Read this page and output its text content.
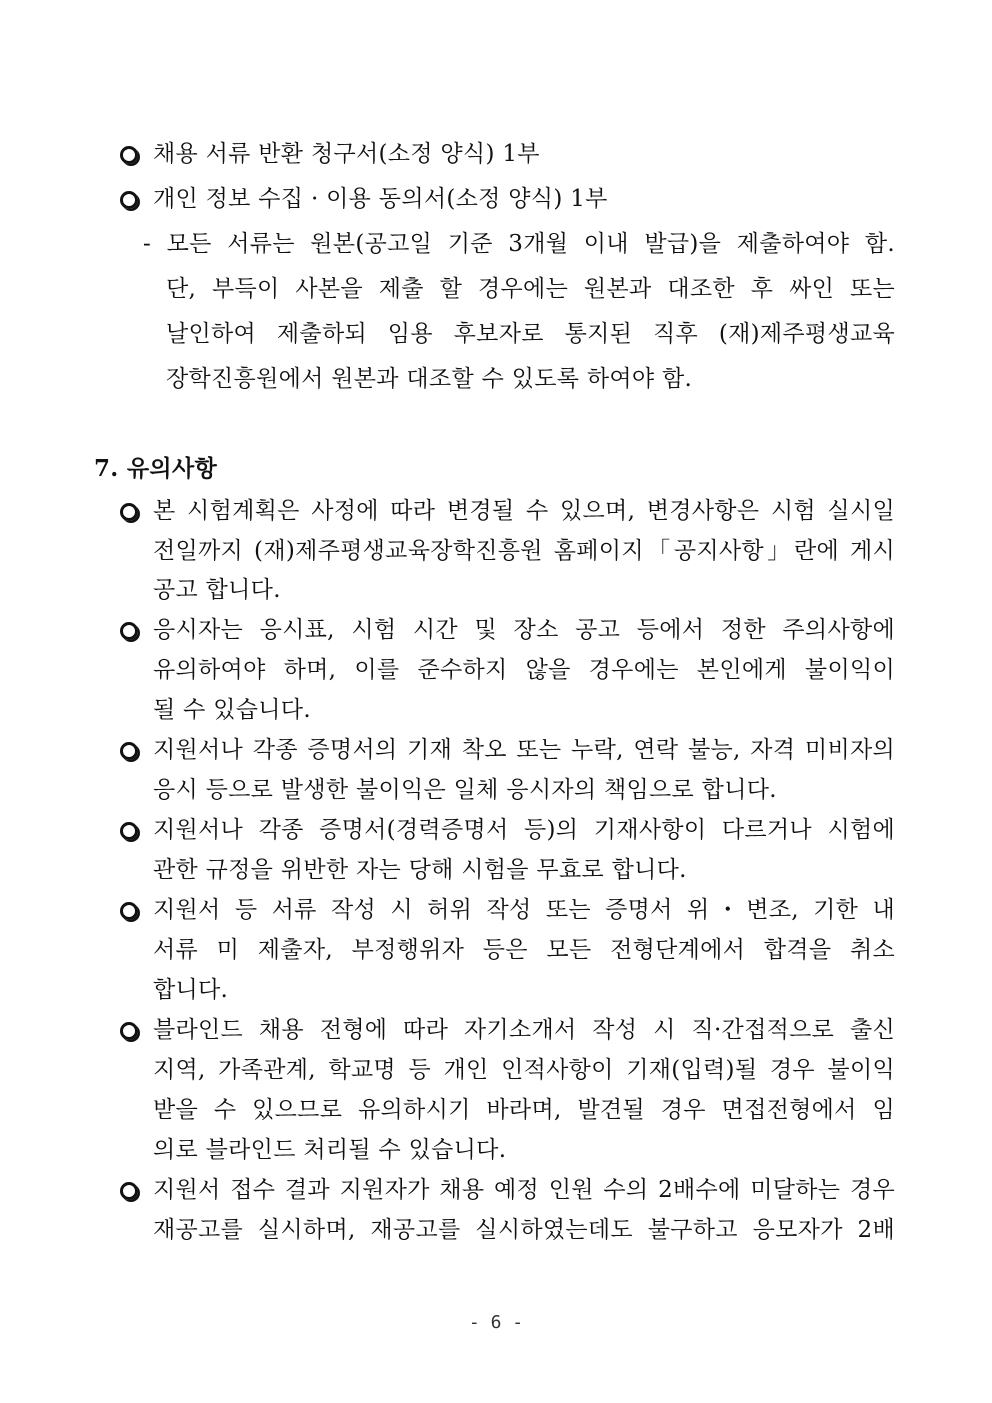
채용 서류 반환 청구서(소정 양식) 1부
개인 정보 수집 · 이용 동의서(소정 양식) 1부
- 모든 서류는 원본(공고일 기준 3개월 이내 발급)을 제출하여야 함.
단, 부득이 사본을 제출 할 경우에는 원본과 대조한 후 싸인 또는
날인하여 제출하되 임용 후보자로 통지된 직후 (재)제주평생교육
장학진흥원에서 원본과 대조할 수 있도록 하여야 함.
7. 유의사항
본 시험계획은 사정에 따라 변경될 수 있으며, 변경사항은 시험 실시일
전일까지 (재)제주평생교육장학진흥원 홈페이지「공지사항」란에 게시
공고 합니다.
응시자는 응시표, 시험 시간 및 장소 공고 등에서 정한 주의사항에
유의하여야 하며, 이를 준수하지 않을 경우에는 본인에게 불이익이
될 수 있습니다.
지원서나 각종 증명서의 기재 착오 또는 누락, 연락 불능, 자격 미비자의
응시 등으로 발생한 불이익은 일체 응시자의 책임으로 합니다.
지원서나 각종 증명서(경력증명서 등)의 기재사항이 다르거나 시험에
관한 규정을 위반한 자는 당해 시험을 무효로 합니다.
지원서 등 서류 작성 시 허위 작성 또는 증명서 위・변조, 기한 내
서류 미 제출자, 부정행위자 등은 모든 전형단계에서 합격을 취소
합니다.
블라인드 채용 전형에 따라 자기소개서 작성 시 직·간접적으로 출신
지역, 가족관계, 학교명 등 개인 인적사항이 기재(입력)될 경우 불이익
받을 수 있으므로 유의하시기 바라며, 발견될 경우 면접전형에서 임
의로 블라인드 처리될 수 있습니다.
지원서 접수 결과 지원자가 채용 예정 인원 수의 2배수에 미달하는 경우
재공고를 실시하며, 재공고를 실시하였는데도 불구하고 응모자가 2배
- 6 -
